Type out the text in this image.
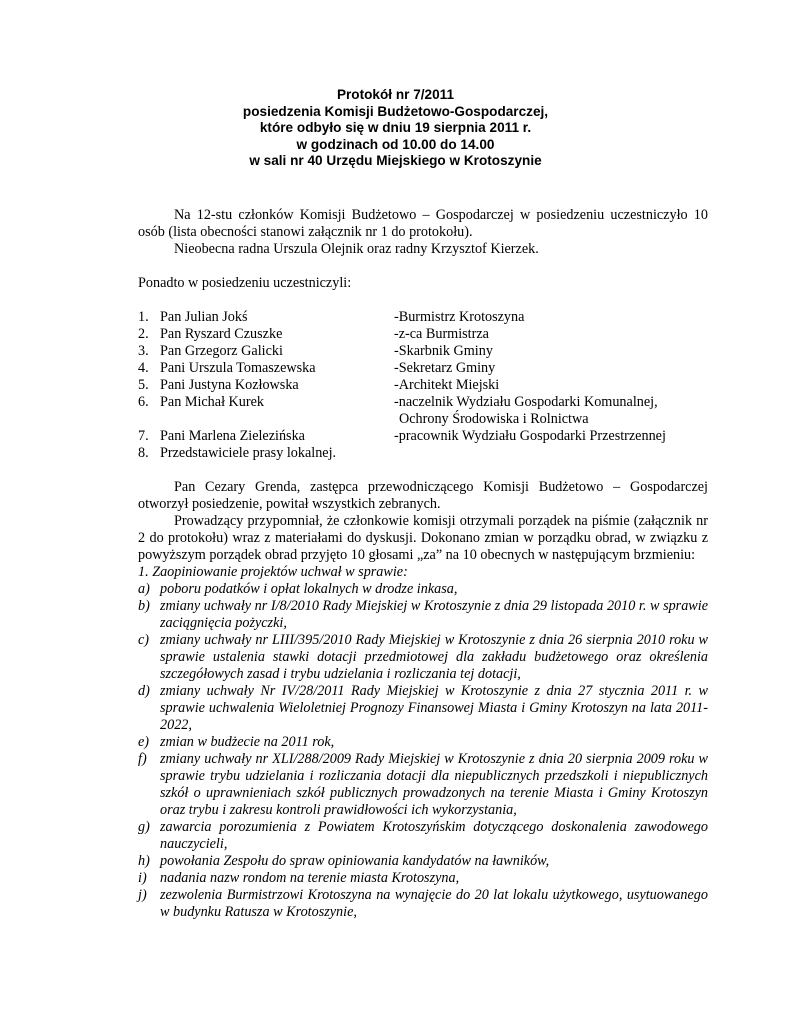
Protokół nr 7/2011
posiedzenia Komisji Budżetowo-Gospodarczej,
które odbyło się w dniu 19 sierpnia 2011 r.
w godzinach od 10.00 do 14.00
w sali nr 40 Urzędu Miejskiego w Krotoszynie

Na 12-stu członków Komisji Budżetowo – Gospodarczej w posiedzeniu uczestniczyło 10 osób (lista obecności stanowi załącznik nr 1 do protokołu).

Nieobecna radna Urszula Olejnik oraz radny Krzysztof Kierzek.

Ponadto w posiedzeniu uczestniczyli:

1. Pan Julian Jokś	-Burmistrz Krotoszyna
2. Pan Ryszard Czuszke	-z-ca Burmistrza
3. Pan Grzegorz Galicki	-Skarbnik Gminy
4. Pani Urszula Tomaszewska	-Sekretarz Gminy
5. Pani Justyna Kozłowska	-Architekt Miejski
6. Pan Michał Kurek	-naczelnik Wydziału Gospodarki Komunalnej,
Ochrony Środowiska i Rolnictwa
7. Pani Marlena Zielezińska	-pracownik Wydziału Gospodarki Przestrzennej
8. Przedstawiciele prasy lokalnej.

Pan Cezary Grenda, zastępca przewodniczącego Komisji Budżetowo – Gospodarczej otworzył posiedzenie, powitał wszystkich zebranych.

Prowadzący przypomniał, że członkowie komisji otrzymali porządek na piśmie (załącznik nr 2 do protokołu) wraz z materiałami do dyskusji. Dokonano zmian w porządku obrad, w związku z powyższym porządek obrad przyjęto 10 głosami „za” na 10 obecnych w następującym brzmieniu:

1. Zaopiniowanie projektów uchwał w sprawie:

a) poboru podatków i opłat lokalnych w drodze inkasa,
b) zmiany uchwały nr I/8/2010 Rady Miejskiej w Krotoszynie z dnia 29 listopada 2010 r. w sprawie zaciągnięcia pożyczki,
c) zmiany uchwały nr LIII/395/2010 Rady Miejskiej w Krotoszynie z dnia 26 sierpnia 2010 roku w sprawie ustalenia stawki dotacji przedmiotowej dla zakładu budżetowego oraz określenia szczegółowych zasad i trybu udzielania i rozliczania tej dotacji,
d) zmiany uchwały Nr IV/28/2011 Rady Miejskiej w Krotoszynie z dnia 27 stycznia 2011 r. w sprawie uchwalenia Wieloletniej Prognozy Finansowej Miasta i Gminy Krotoszyn na lata 2011-2022,
e) zmian w budżecie na 2011 rok,
f) zmiany uchwały nr XLI/288/2009 Rady Miejskiej w Krotoszynie z dnia 20 sierpnia 2009 roku w sprawie trybu udzielania i rozliczania dotacji dla niepublicznych przedszkoli i niepublicznych szkół o uprawnieniach szkół publicznych prowadzonych na terenie Miasta i Gminy Krotoszyn oraz trybu i zakresu kontroli prawidłowości ich wykorzystania,
g) zawarcia porozumienia z Powiatem Krotoszyńskim dotyczącego doskonalenia zawodowego nauczycieli,
h) powołania Zespołu do spraw opiniowania kandydatów na ławników,
i) nadania nazw rondom na terenie miasta Krotoszyna,
j) zezwolenia Burmistrzowi Krotoszyna na wynajęcie do 20 lat lokalu użytkowego, usytuowanego w budynku Ratusza w Krotoszynie,
